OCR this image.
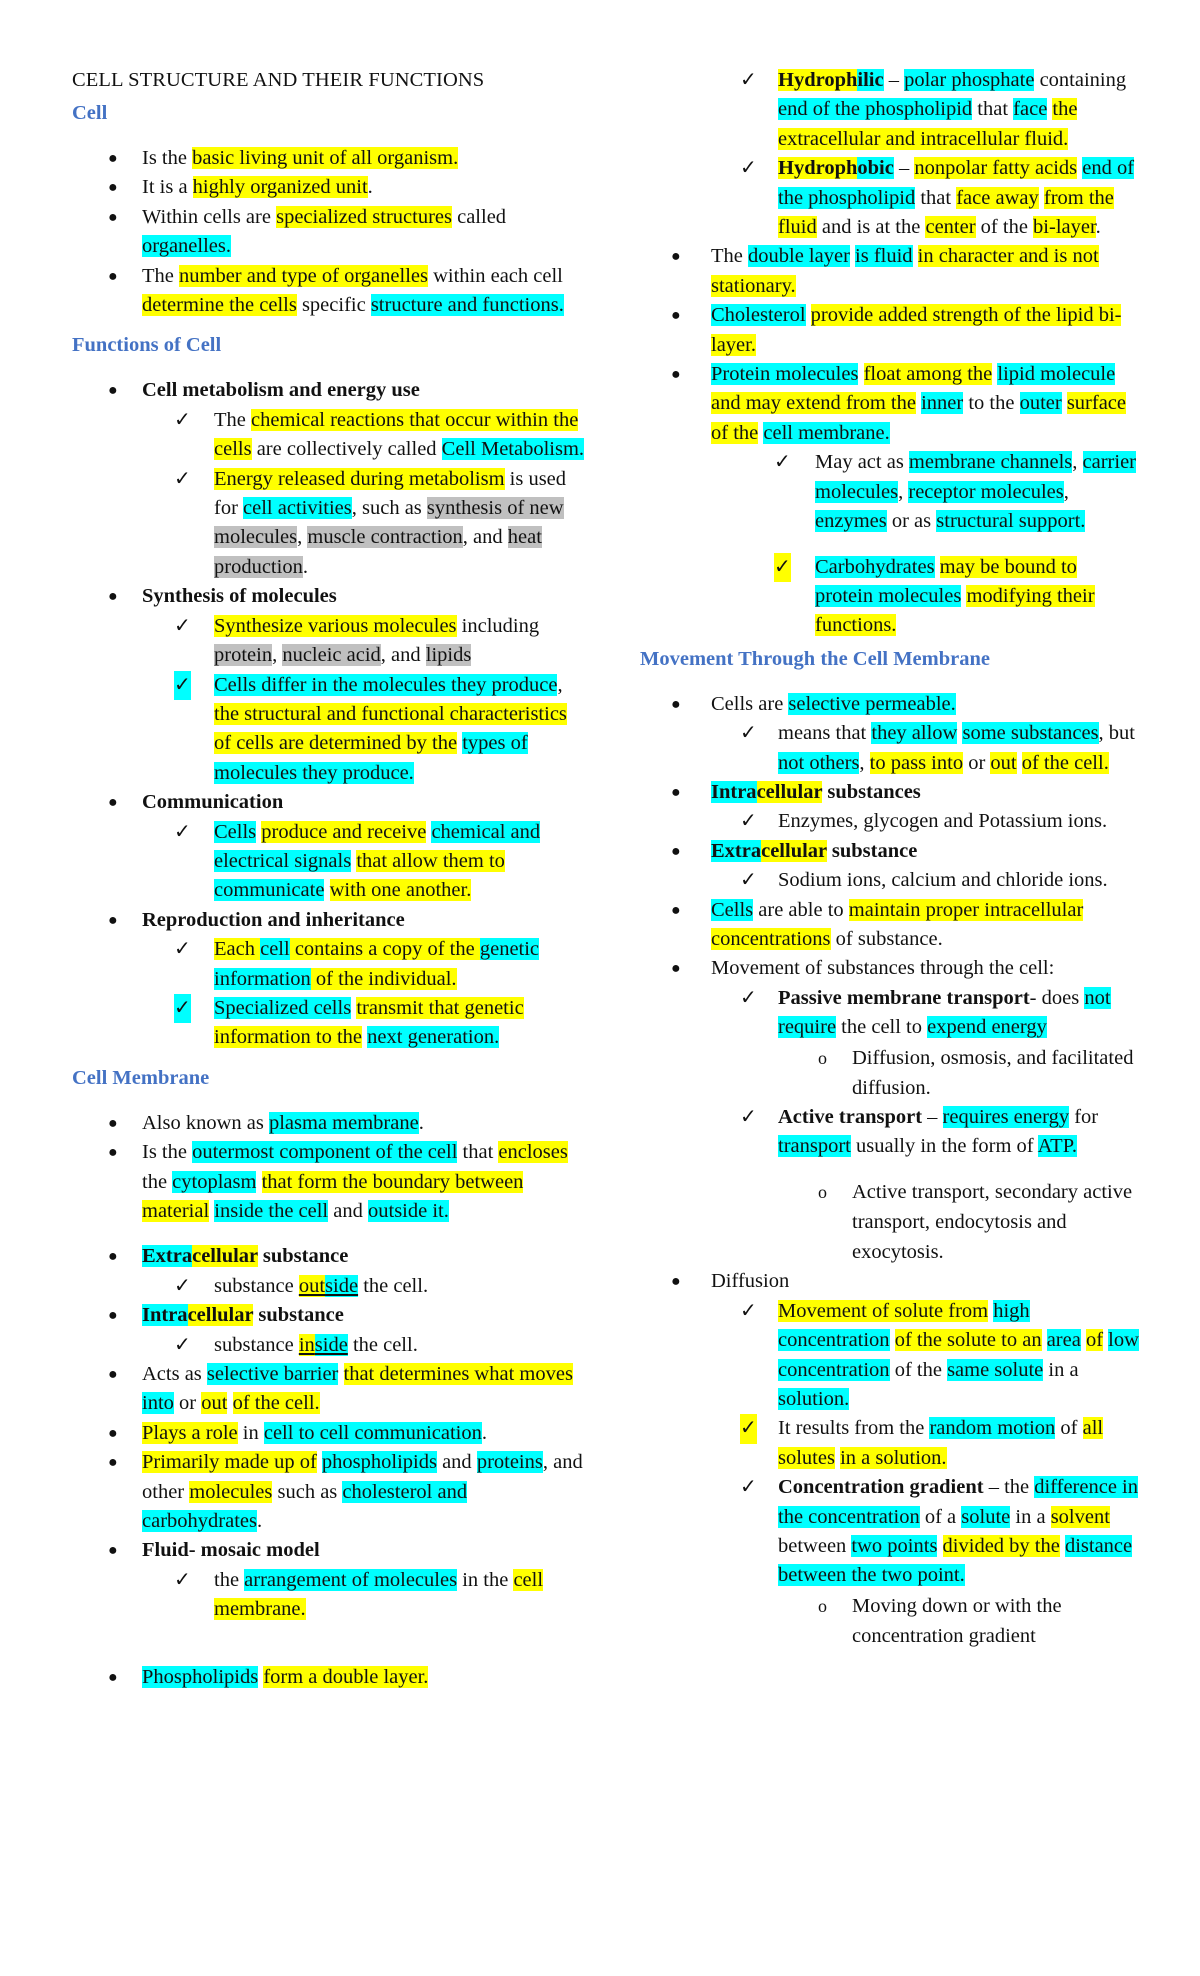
CELL STRUCTURE AND THEIR FUNCTIONS
Cell
● Is the basic living unit of all organism.
● It is a highly organized unit.
● Within cells are specialized structures called organelles.
● The number and type of organelles within each cell determine the cells specific structure and functions.
Functions of Cell
● Cell metabolism and energy use
✓ The chemical reactions that occur within the cells are collectively called Cell Metabolism.
✓ Energy released during metabolism is used for cell activities, such as synthesis of new molecules, muscle contraction, and heat production.
● Synthesis of molecules
✓ Synthesize various molecules including protein, nucleic acid, and lipids
✓ Cells differ in the molecules they produce, the structural and functional characteristics of cells are determined by the types of molecules they produce.
● Communication
✓ Cells produce and receive chemical and electrical signals that allow them to communicate with one another.
● Reproduction and inheritance
✓ Each cell contains a copy of the genetic information of the individual.
✓ Specialized cells transmit that genetic information to the next generation.
Cell Membrane
● Also known as plasma membrane.
● Is the outermost component of the cell that encloses the cytoplasm that form the boundary between material inside the cell and outside it.
● Extracellular substance
✓ substance outside the cell.
● Intracellular substance
✓ substance inside the cell.
● Acts as selective barrier that determines what moves into or out of the cell.
● Plays a role in cell to cell communication.
● Primarily made up of phospholipids and proteins, and other molecules such as cholesterol and carbohydrates.
● Fluid- mosaic model
✓ the arrangement of molecules in the cell membrane.
● Phospholipids form a double layer.
✓ Hydrophilic – polar phosphate containing end of the phospholipid that face the extracellular and intracellular fluid.
✓ Hydrophobic – nonpolar fatty acids end of the phospholipid that face away from the fluid and is at the center of the bi-layer.
● The double layer is fluid in character and is not stationary.
● Cholesterol provide added strength of the lipid bi-layer.
● Protein molecules float among the lipid molecule and may extend from the inner to the outer surface of the cell membrane.
✓ May act as membrane channels, carrier molecules, receptor molecules, enzymes or as structural support.
✓ Carbohydrates may be bound to protein molecules modifying their functions.
Movement Through the Cell Membrane
● Cells are selective permeable.
✓ means that they allow some substances, but not others, to pass into or out of the cell.
● Intracellular substances
✓ Enzymes, glycogen and Potassium ions.
● Extracellular substance
✓ Sodium ions, calcium and chloride ions.
● Cells are able to maintain proper intracellular concentrations of substance.
● Movement of substances through the cell:
✓ Passive membrane transport- does not require the cell to expend energy
o Diffusion, osmosis, and facilitated diffusion.
✓ Active transport – requires energy for transport usually in the form of ATP.
o Active transport, secondary active transport, endocytosis and exocytosis.
● Diffusion
✓ Movement of solute from high concentration of the solute to an area of low concentration of the same solute in a solution.
✓ It results from the random motion of all solutes in a solution.
✓ Concentration gradient – the difference in the concentration of a solute in a solvent between two points divided by the distance between the two point.
o Moving down or with the concentration gradient
